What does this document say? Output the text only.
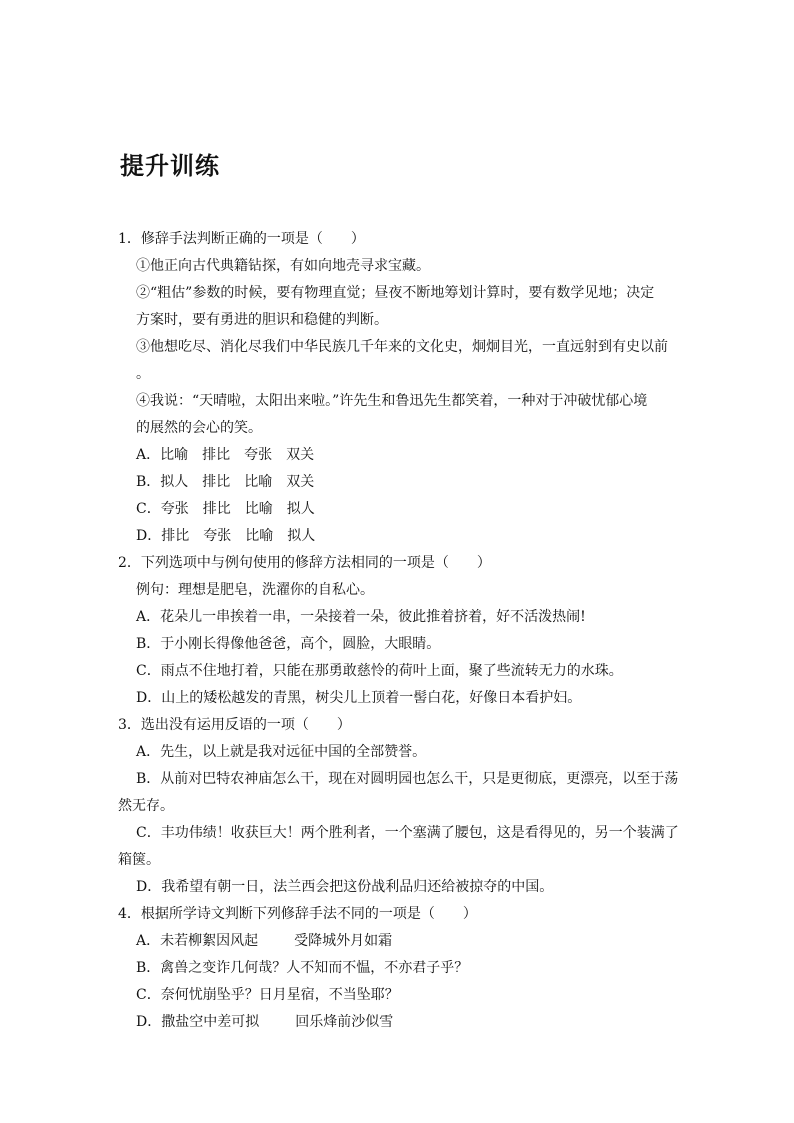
提升训练
1．修辞手法判断正确的一项是（　　）
①他正向古代典籍钻探，有如向地壳寻求宝藏。
②“粗估”参数的时候，要有物理直觉；昼夜不断地筹划计算时，要有数学见地；决定
方案时，要有勇进的胆识和稳健的判断。
③他想吃尽、消化尽我们中华民族几千年来的文化史，炯炯目光，一直远射到有史以前
。
④我说：“天晴啦，太阳出来啦。”许先生和鲁迅先生都笑着，一种对于冲破忧郁心境
的展然的会心的笑。
A．比喻　排比　夸张　双关
B．拟人　排比　比喻　双关
C．夸张　排比　比喻　拟人
D．排比　夸张　比喻　拟人
2．下列选项中与例句使用的修辞方法相同的一项是（　　）
例句：理想是肥皂，洗濯你的自私心。
A．花朵儿一串挨着一串，一朵接着一朵，彼此推着挤着，好不活泼热闹!
B．于小刚长得像他爸爸，高个，圆脸，大眼睛。
C．雨点不住地打着，只能在那勇敢慈怜的荷叶上面，聚了些流转无力的水珠。
D．山上的矮松越发的青黑，树尖儿上顶着一髻白花，好像日本看护妇。
3．选出没有运用反语的一项（　　）
A．先生，以上就是我对远征中国的全部赞誉。
B．从前对巴特农神庙怎么干，现在对圆明园也怎么干，只是更彻底，更漂亮，以至于荡
然无存。
C．丰功伟绩！收获巨大！两个胜利者，一个塞满了腰包，这是看得见的，另一个装满了
箱箧。
D．我希望有朝一日，法兰西会把这份战利品归还给被掠夺的中国。
4．根据所学诗文判断下列修辞手法不同的一项是（　　）
A．未若柳絮因风起	受降城外月如霜
B．禽兽之变诈几何哉？人不知而不愠，不亦君子乎？
C．奈何忧崩坠乎？日月星宿，不当坠耶？
D．撒盐空中差可拟	回乐烽前沙似雪
